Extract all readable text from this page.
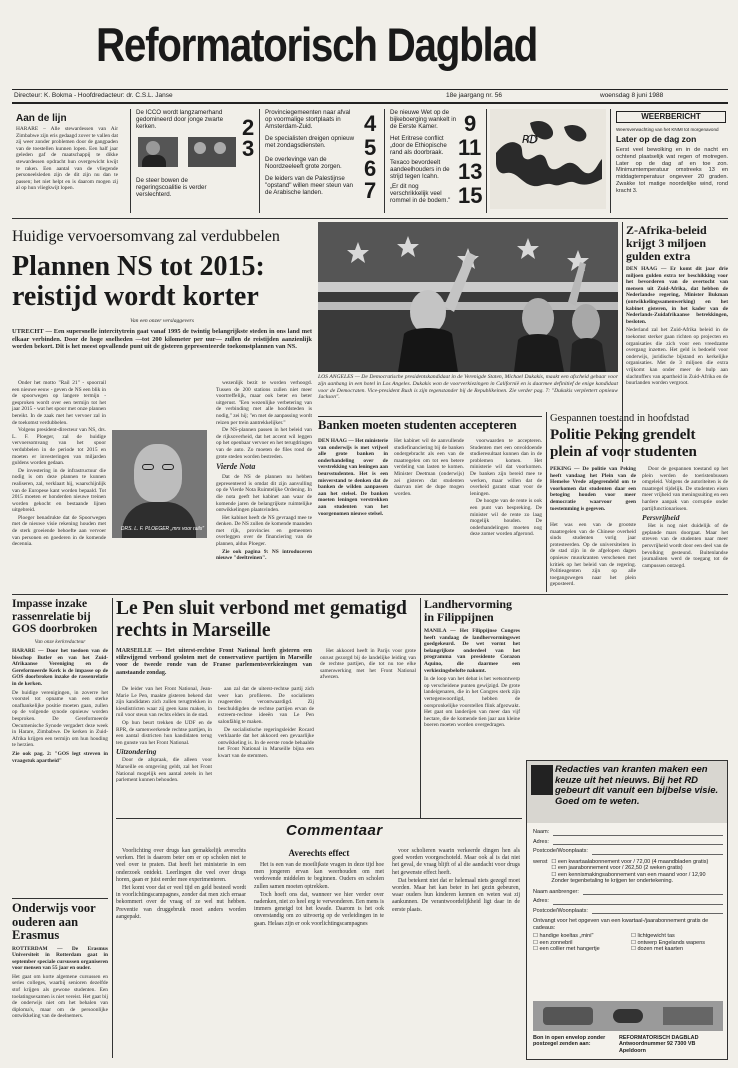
Reformatorisch Dagblad
Directeur: K. Bokma - Hoofdredacteur: dr. C.S.L. Janse	18e jaargang nr. 56	woensdag 8 juni 1988
Aan de lijn
HARARE – Alle stewardessen van Air Zimbabwe zijn eris gedaagd zover te vallen dat zij weer zonder problemen door de gangpaden van de toestellen kunnen lopen. Een half jaar geleden gaf de maatschappij te dikke stewardessen opdracht hun overgewicht kwijt te raken. Een aantal van de vliegende personeelsleden zijn de dit zijn nu dan te passen; het niet helpt en is daarom mogen zij al op hun vliegkwijt lopen.
De ICCO wordt langzamerhand gedomineerd door jonge zwarte kerken.
De steer bowen de regeringscoalitie is verder verslechterd.
2
3
Provinciegemeenten naar afval op voormalige stortplaats in Amsterdam-Zuid.
De specialisten dreigen opnieuw met zondagsdiensten.
De overlevinge van de Noordzeeleeft grote zorgen.
De leiders van de Palestijnse "opstand" willen meer steun van de Arabische landen.
4
5
6
7
De nieuwe Wet op de bijkeboerging wankelt in de Eerste Kamer.
Het Eritrese conflict „door de Ethiopische rand als doorbraak.
Texaco bevordeelt aandeelhouders in de strijd tegen Icahn.
„Er dit nog verschrikkelijk veel rommel in de bodem."
9
11
13
15
RD
WEERBERICHT
Weersverwachting van het KNMI tot morgenavond
Later op de dag zon
Eerst veel bewolking en in de nacht en ochtend plaatselijk wat regen of motregen. Later op de dag af en toe zon. Minimumtemperatuur omstreeks 13 en middagtemperatuur ongeveer 20 graden. Zwakke tot matige noordelijke wind, rond kracht 3.
Huidige vervoersomvang zal verdubbelen
Plannen NS tot 2015: reistijd wordt korter
Van een onzer verslaggevers
UTRECHT — Een supersnelle intercitytrein gaat vanaf 1995 de twintig belangrijkste steden in ons land met elkaar verbinden. Door de hoge snelheden —tot 200 kilometer per uur— zullen de reistijden aanzienlijk worden bekort. Dit is het meest opvallende punt uit de gisteren gepresenteerde toekomstplannen van NS.

Onder het motto "Rail 21" - spoorrail een nieuwe eeuw - geven de NS een blik in de spoorwegen op langere termijn - gesproken wordt over een termijn tot het jaar 2015 - wat het spoor met onze plannen bereikt. In de zaak met het vervoer zal in de toekomst verdubbelen.

Volgens president-directeur van NS, drs. L. F. Ploeger, zal de huidige vervoersomvang van het spoor verdubbelen in de periode tot 2015 en moeten er investeringen van miljarden guldens worden gedaan.

De investering in de infrastructuur die nodig is om deze plannen te kunnen realiseren, zal, verklaart hij, waarschijnlijk van de Europese kant worden bepaald. Tot 2015 moeten er honderden nieuwe treinen worden gekocht en bestaande lijnen uitgebreid.

Ploeger benadrukte dat de Spoorwegen met de nieuwe visie rekening houden met de sterk groeiende behoefte aan vervoer van personen en goederen in de komende decennia.

DRS. L. F. PLOEGER „mrs voor rails"

wezenlijk bezit te worden verhoogd. Tussen de 200 stations zullen niet meer voortreffelijk, maar ook beter en beter uitgerust. "Een wezenlijke verbetering van de verbinding met alle hoofdsteden is nodig," zei hij; "en met de aanpassing wordt reizen per trein aantrekkelijker."

De NS-plannen passen in het beleid van de rijksoverheid, dat het accent wil leggen op het openbaar vervoer en het terugdringen van de auto. Zo moeten de files rond de grote steden worden bestreden.

Vierde Nota

Dat de NS de plannen nu hebben gepresenteerd is omdat dit zijn aanvulling op de Vierde Nota Ruimtelijke Ordening. In die nota geeft het kabinet aan waar de komende jaren de belangrijkste ruimtelijke ontwikkelingen plaatsvinden.

Het kabinet heeft de NS gevraagd mee te denken. De NS zullen de komende maanden met rijk, provincies en gemeenten overleggen over de financiering van de plannen, aldus Ploeger.

Zie ook pagina 9: NS introduceren nieuwe "deeltreinen".

LOS ANGELES — De Democratische presidentskandidaat in de Verenigde Staten, Michael Dukakis, maakt een afscheid gebaar voor zijn aanhang in een hotel in Los Angeles. Dukakis won de voorverkiezingen in Californië en is daarmee definitief de enige kandidaat voor de Democraten. Vice-president Bush is zijn tegenstander bij de Republikeinen. Zie verder pag. 7: "Dukakis verplettert opnieuw Jackson".
Z-Afrika-beleid krijgt 3 miljoen gulden extra
DEN HAAG — Er komt dit jaar drie miljoen gulden extra ter beschikking voor het bevorderen van de overtocht van mensen uit Zuid-Afrika, dat hebben de Nederlandse regering, Minister Bukman (ontwikkelingssamenwerking) en het kabinet gisteren, in het kader van de Nederlands-Zuidafrikaanse betrekkingen, besloten.
Nederland zal het Zuid-Afrika beleid in de toekomst sterker gaan richten op projecten en organisaties die zich voor een vreedzame overgang inzetten. Het geld is bedoeld voor onderwijs, juridische bijstand en kerkelijke organisaties. Met de 3 miljoen die extra vrijkomt kan onder meer de hulp aan slachtoffers van apartheid in Zuid-Afrika en de buurlanden worden vergroot.
Banken moeten studenten accepteren
DEN HAAG — Het ministerie van onderwijs is met vrijwel alle grote banken in onderhandeling over de verstrekking van leningen aan beursstudenten. Het is een misverstand te denken dat de banken de wilden aanpassen aan het stelsel. De banken moeten leningen verstrekken aan studenten van het voorgenomen nieuwe stelsel.
Het kabinet wil de aanvullende studiefinanciering bij de banken ondergebracht als een van de maatregelen om tot een betere verdeling van lasten te komen. Minister Deetman (onderwijs) zei gisteren dat studenten daarvan niet de dupe mogen worden.

voorwaarden te accepteren. Studenten met een onvoldoende studieresultaat kunnen dan in de problemen komen. Het ministerie wil dat voorkomen. De banken zijn bereid mee te werken, maar willen dat de overheid garant staat voor de leningen.

De hoogte van de rente is ook een punt van bespreking. De minister wil de rente zo laag mogelijk houden. De onderhandelingen moeten nog deze zomer worden afgerond.

Gespannen toestand in hoofdstad
Politie Peking grendelt plein af voor studenten
PEKING — De politie van Peking heeft vandaag het Plein van de Hemelse Vrede afgegrendeld om te voorkomen dat studenten daar een betoging houden voor meer democratie waarvoor geen toestemming is gegeven.
Het was een van de grootste maatregelen van de Chinese overheid sinds studenten vorig jaar protesteerden. Op de universiteiten in de stad zijn in de afgelopen dagen opnieuw muurkranten verschenen met kritiek op het beleid van de regering. Politieagenten zijn op alle toegangswegen naar het plein geposteerd.

Door de gespannen toestand op het plein werden de toeristenbussen omgeleid. Volgens de autoriteiten is de maatregel tijdelijk. De studenten eisen meer vrijheid van meningsuiting en een hardere aanpak van corruptie onder partijfunctionarissen.

Persvrijheid

Het is nog niet duidelijk of de geplande mars doorgaat. Maar het streven van de studenten naar meer persvrijheid wordt door een deel van de bevolking gesteund. Buitenlandse journalisten werd de toegang tot de campussen ontzegd.

Impasse inzake rassenrelatie bij GOS doorbroken
Van onze kerkredacteur
HARARE — Door het toedoen van de bisschop Butler en van het Zuid-Afrikaanse Vereniging en de Gereformeerde Kerk is de impasse op de GOS doorbroken inzake de rassenrelatie in de kerken.
De huidige verenigingen, in zoverre het voorstel tot opname van een sterke onafhankelijke positie moeten gaan, zullen op de volgende synode opnieuw worden besproken. De Gereformeerde Oecumenische Synode vergadert deze week in Harare, Zimbabwe. De kerken in Zuid-Afrika krijgen een termijn om hun houding te herzien.
Zie ook pag. 2: "GOS legt streven in vraagstuk apartheid"
Onderwijs voor ouderen aan Erasmus
ROTTERDAM — De Erasmus Universiteit in Rotterdam gaat in september speciale cursussen organiseren voor mensen van 55 jaar en ouder.
Het gaat om korte algemene cursussen en series colleges, waarbij senioren dezelfde stof krijgen als gewone studenten. Een toelatingsexamen is niet vereist. Het gaat bij de onderwijs niet om het behalen van diploma's, maar om de persoonlijke ontwikkeling van de deelnemers.
Le Pen sluit verbond met gematigd rechts in Marseille
MARSEILLE — Het uiterst-rechtse Front National heeft gisteren een stilzwijgend verbond gesloten met de conservatieve partijen in Marseille voor de tweede ronde van de Franse parlementsverkiezingen van aanstaande zondag.

De leider van het Front National, Jean-Marie Le Pen, maakte gisteren bekend dat zijn kandidaten zich zullen terugtrekken in kiesdistricten waar zij geen kans maken, in ruil voor steun van rechts elders in de stad.

Op hun beurt trekken de UDF en de RPR, de samenwerkende rechtse partijen, in een aantal districten hun kandidaten terug ten gunste van het Front National.

Uitzondering

Door de afspraak, die alleen voor Marseille en omgeving geldt, zal het Front National mogelijk een aantal zetels in het parlement kunnen behouden.

aan zal dat de uiterst-rechtse partij zich weer kan profileren. De socialisten reageerden verontwaardigd. Zij beschuldigden de rechtse partijen ervan de extreem-rechtse ideeën van Le Pen salonfähig te maken.

De socialistische regeringsleider Rocard verklaarde dat het akkoord een gevaarlijke ontwikkeling is. In de eerste ronde behaalde het Front National in Marseille bijna een kwart van de stemmen.

Het akkoord heeft in Parijs voor grote onrust gezorgd bij de landelijke leiding van de rechtse partijen, die tot nu toe elke samenwerking met het Front National afwezen.

Landhervorming in Filippijnen
MANILA — Het Filippijnse Congres heeft vandaag de landhervormingswet goedgekeurd. De wet vormt het belangrijkste onderdeel van het programma van presidente Corazon Aquino, die daarmee een verkiezingsbelofte nakomt.
In de loop van het debat is het wetsontwerp op verscheidene punten gewijzigd. De grote landeigenaren, die in het Congres sterk zijn vertegenwoordigd, hebben de oorspronkelijke voorstellen flink afgezwakt. Het gaat om landerijen van meer dan vijf hectare, die de komende tien jaar aan kleine boeren moeten worden overgedragen.
Redacties van kranten maken een keuze uit het nieuws. Bij het RD gebeurt dit vanuit een bijbelse visie. Goed om te weten.
Naam:
Adres:
Postcode/Woonplaats:
wenst ☐ een kwartaalabonnement voor / 72,00 (4 maandbladen gratis)
☐ een jaarabonnement voor / 262,50 (2 weken gratis)
☐ een kennismakingsabonnement van een maand voor / 12,90
Zonder tegenbetaling te krijgen ter ondertekening.
Naam aanbrenger:
Adres:
Postcode/Woonplaats:
Ontvangt voor het opgeven van een kwartaal-/jaarabonnement gratis de cadeaus:
☐ handige koeltas „mini"
☐ een zonnebril
☐ een collier met hangertje
☐ lichtgewicht tas
☐ ontwerp Engelands wapens
☐ dozen met kaarten
Bon in open envelop zonder postzegel zenden aan:
REFORMATORISCH DAGBLAD Antwoordnummer 92 7300 VB Apeldoorn
Commentaar

Voorlichting over drugs kan gemakkelijk averechts werken. Het is daarom beter om er op scholen niet te veel over te praten. Dat heeft het ministerie in een onderzoek ontdekt. Leerlingen die veel over drugs horen, gaan er juist eerder mee experimenteren.

Het komt voor dat er veel tijd en geld besteed wordt in voorlichtingscampagnes, zonder dat men zich ernaar bekommert over de vraag of ze wel nut hebben. Preventie van druggebruik moet anders worden aangepakt.

Averechts effect

Het is een van de moeilijkste vragen in deze tijd hoe men jongeren ervan kan weerhouden om met verdovende middelen te beginnen. Ouders en scholen zullen samen moeten optrekken.

Toch hoeft ons dat, wanneer we hier verder over nadenken, niet zo heel erg te verwonderen. Een mens is immers geneigd tot het kwade. Daarom is het ook onverstandig om zo uitvoerig op de verleidingen in te gaan. Helaas zijn er ook voorlichtingscampagnes

voor scholieren waarin verkeerde dingen hen als goed worden voorgeschoteld. Maar ook al is dat niet het geval, de vraag blijft of al die aandacht voor drugs het gewenste effect heeft.

Dat betekent niet dat er helemaal niets gezegd moet worden. Maar het kan beter in het gezin gebeuren, waar ouders hun kinderen kennen en weten wat zij aankunnen. De verantwoordelijkheid ligt daar in de eerste plaats.
